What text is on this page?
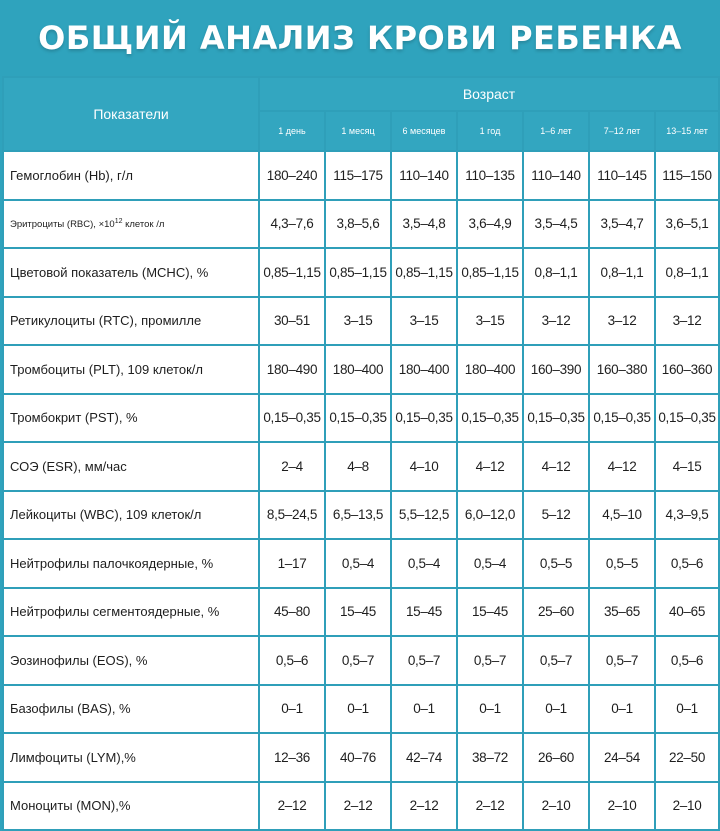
ОБЩИЙ АНАЛИЗ КРОВИ РЕБЕНКА
Показатели	Возраст						
	1 день	1 месяц	6 месяцев	1 год	1–6 лет	7–12 лет	13–15 лет
Гемоглобин (Hb), г/л	180–240	115–175	110–140	110–135	110–140	110–145	115–150
Эритроциты (RBC), $\times 10^{12}$ клеток /л	4,3–7,6	3,8–5,6	3,5–4,8	3,6–4,9	3,5–4,5	3,5–4,7	3,6–5,1
Цветовой показатель (MCHC), %	0,85–1,15	0,85–1,15	0,85–1,15	0,85–1,15	0,8–1,1	0,8–1,1	0,8–1,1
Ретикулоциты (RTC), промилле	30–51	3–15	3–15	3–15	3–12	3–12	3–12
Тромбоциты (PLT), 109 клеток/л	180–490	180–400	180–400	180–400	160–390	160–380	160–360
Тромбокрит (PST), %	0,15–0,35	0,15–0,35	0,15–0,35	0,15–0,35	0,15–0,35	0,15–0,35	0,15–0,35
СОЭ (ESR), мм/час	2–4	4–8	4–10	4–12	4–12	4–12	4–15
Лейкоциты (WBC), 109 клеток/л	8,5–24,5	6,5–13,5	5,5–12,5	6,0–12,0	5–12	4,5–10	4,3–9,5
Нейтрофилы палочкоядерные, %	1–17	0,5–4	0,5–4	0,5–4	0,5–5	0,5–5	0,5–6
Нейтрофилы сегментоядерные, %	45–80	15–45	15–45	15–45	25–60	35–65	40–65
Эозинофилы (EOS), %	0,5–6	0,5–7	0,5–7	0,5–7	0,5–7	0,5–7	0,5–6
Базофилы (BAS), %	0–1	0–1	0–1	0–1	0–1	0–1	0–1
Лимфоциты (LYM),%	12–36	40–76	42–74	38–72	26–60	24–54	22–50
Моноциты (MON),%	2–12	2–12	2–12	2–12	2–10	2–10	2–10
